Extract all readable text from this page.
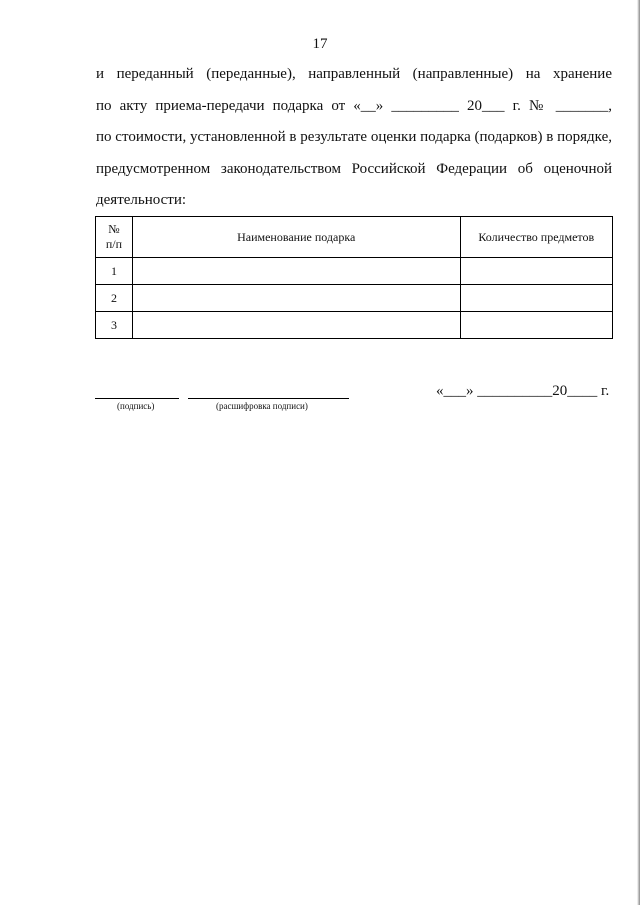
17
и переданный (переданные), направленный (направленные) на хранение
по акту приема-передачи подарка от «__» _________ 20___ г. № _______,
по стоимости, установленной в результате оценки подарка (подарков) в порядке,
предусмотренном законодательством Российской Федерации об оценочной
деятельности:
№ п/п	Наименование подарка	Количество предметов
1		
2		
3		
(подпись)	(расшифровка подписи)
«___» __________20____ г.
